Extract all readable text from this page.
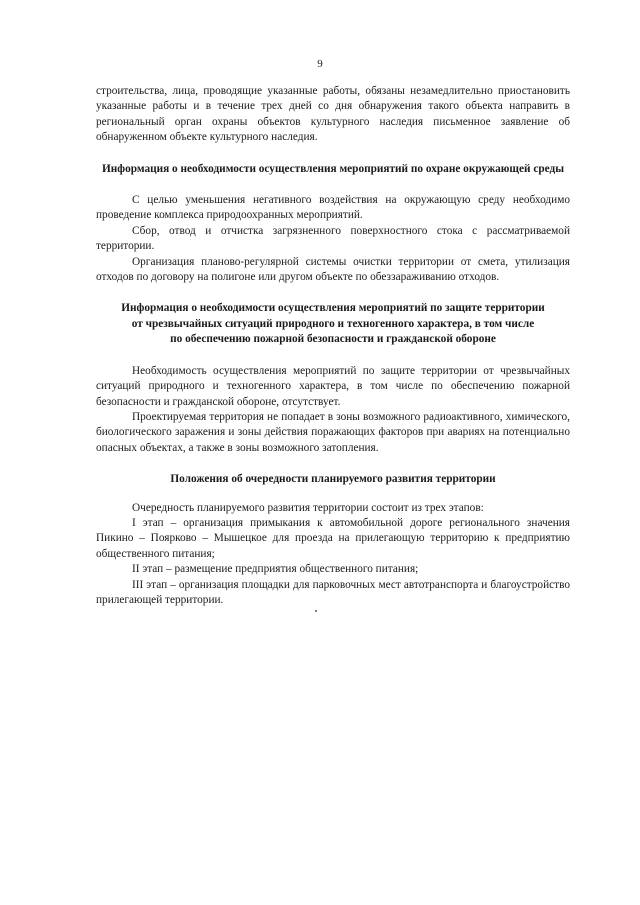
9

строительства, лица, проводящие указанные работы, обязаны незамедлительно приостановить указанные работы и в течение трех дней со дня обнаружения такого объекта направить в региональный орган охраны объектов культурного наследия письменное заявление об обнаруженном объекте культурного наследия.

Информация о необходимости осуществления мероприятий по охране окружающей среды

С целью уменьшения негативного воздействия на окружающую среду необходимо проведение комплекса природоохранных мероприятий.

Сбор, отвод и отчистка загрязненного поверхностного стока с рассматриваемой территории.

Организация планово-регулярной системы очистки территории от смета, утилизация отходов по договору на полигоне или другом объекте по обеззараживанию отходов.

Информация о необходимости осуществления мероприятий по защите территории
от чрезвычайных ситуаций природного и техногенного характера, в том числе
по обеспечению пожарной безопасности и гражданской обороне

Необходимость осуществления мероприятий по защите территории от чрезвычайных ситуаций природного и техногенного характера, в том числе по обеспечению пожарной безопасности и гражданской обороне, отсутствует.

Проектируемая территория не попадает в зоны возможного радиоактивного, химического, биологического заражения и зоны действия поражающих факторов при авариях на потенциально опасных объектах, а также в зоны возможного затопления.

Положения об очередности планируемого развития территории

Очередность планируемого развития территории состоит из трех этапов:

I этап – организация примыкания к автомобильной дороге регионального значения Пикино – Поярково – Мышецкое для проезда на прилегающую территорию к предприятию общественного питания;

II этап – размещение предприятия общественного питания;

III этап – организация площадки для парковочных мест автотранспорта и благоустройство прилегающей территории.
